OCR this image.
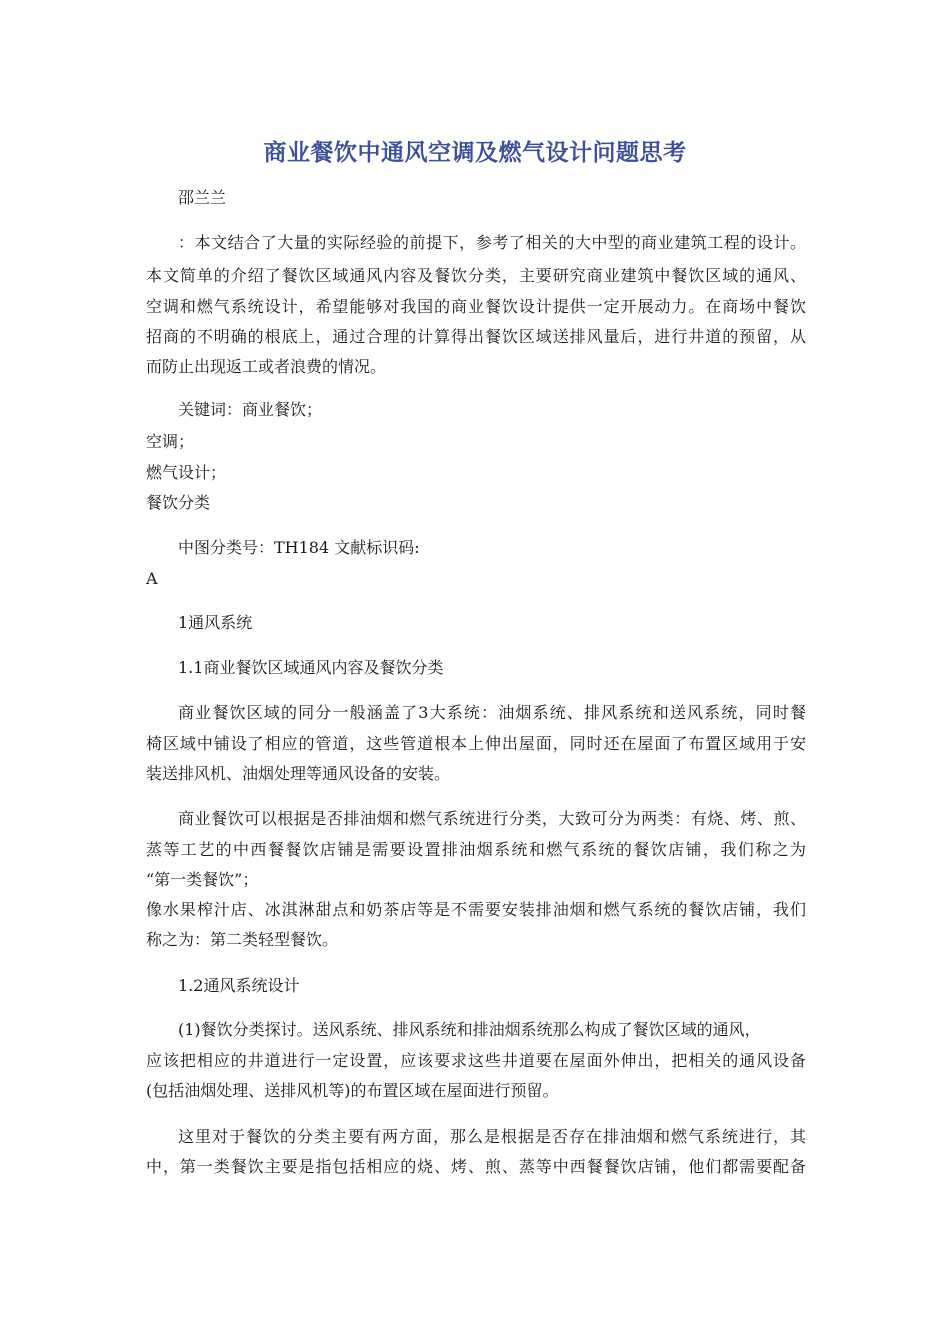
商业餐饮中通风空调及燃气设计问题思考
邵兰兰
：本文结合了大量的实际经验的前提下，参考了相关的大中型的商业建筑工程的设计。
本文简单的介绍了餐饮区域通风内容及餐饮分类，主要研究商业建筑中餐饮区域的通风、
空调和燃气系统设计，希望能够对我国的商业餐饮设计提供一定开展动力。在商场中餐饮
招商的不明确的根底上，通过合理的计算得出餐饮区域送排风量后，进行井道的预留，从
而防止出现返工或者浪费的情况。
关键词：商业餐饮；
空调；
燃气设计；
餐饮分类
中图分类号：TH184 文献标识码:
A
1通风系统
1.1商业餐饮区域通风内容及餐饮分类
商业餐饮区域的同分一般涵盖了3大系统：油烟系统、排风系统和送风系统，同时餐
椅区域中铺设了相应的管道，这些管道根本上伸出屋面，同时还在屋面了布置区域用于安
装送排风机、油烟处理等通风设备的安装。
商业餐饮可以根据是否排油烟和燃气系统进行分类，大致可分为两类：有烧、烤、煎、
蒸等工艺的中西餐餐饮店铺是需要设置排油烟系统和燃气系统的餐饮店铺，我们称之为
“第一类餐饮”；
像水果榨汁店、冰淇淋甜点和奶茶店等是不需要安装排油烟和燃气系统的餐饮店铺，我们
称之为：第二类轻型餐饮。
1.2通风系统设计
(1)餐饮分类探讨。送风系统、排风系统和排油烟系统那么构成了餐饮区域的通风，
应该把相应的井道进行一定设置，应该要求这些井道要在屋面外伸出，把相关的通风设备
(包括油烟处理、送排风机等)的布置区域在屋面进行预留。
这里对于餐饮的分类主要有两方面，那么是根据是否存在排油烟和燃气系统进行，其
中，第一类餐饮主要是指包括相应的烧、烤、煎、蒸等中西餐餐饮店铺，他们都需要配备
